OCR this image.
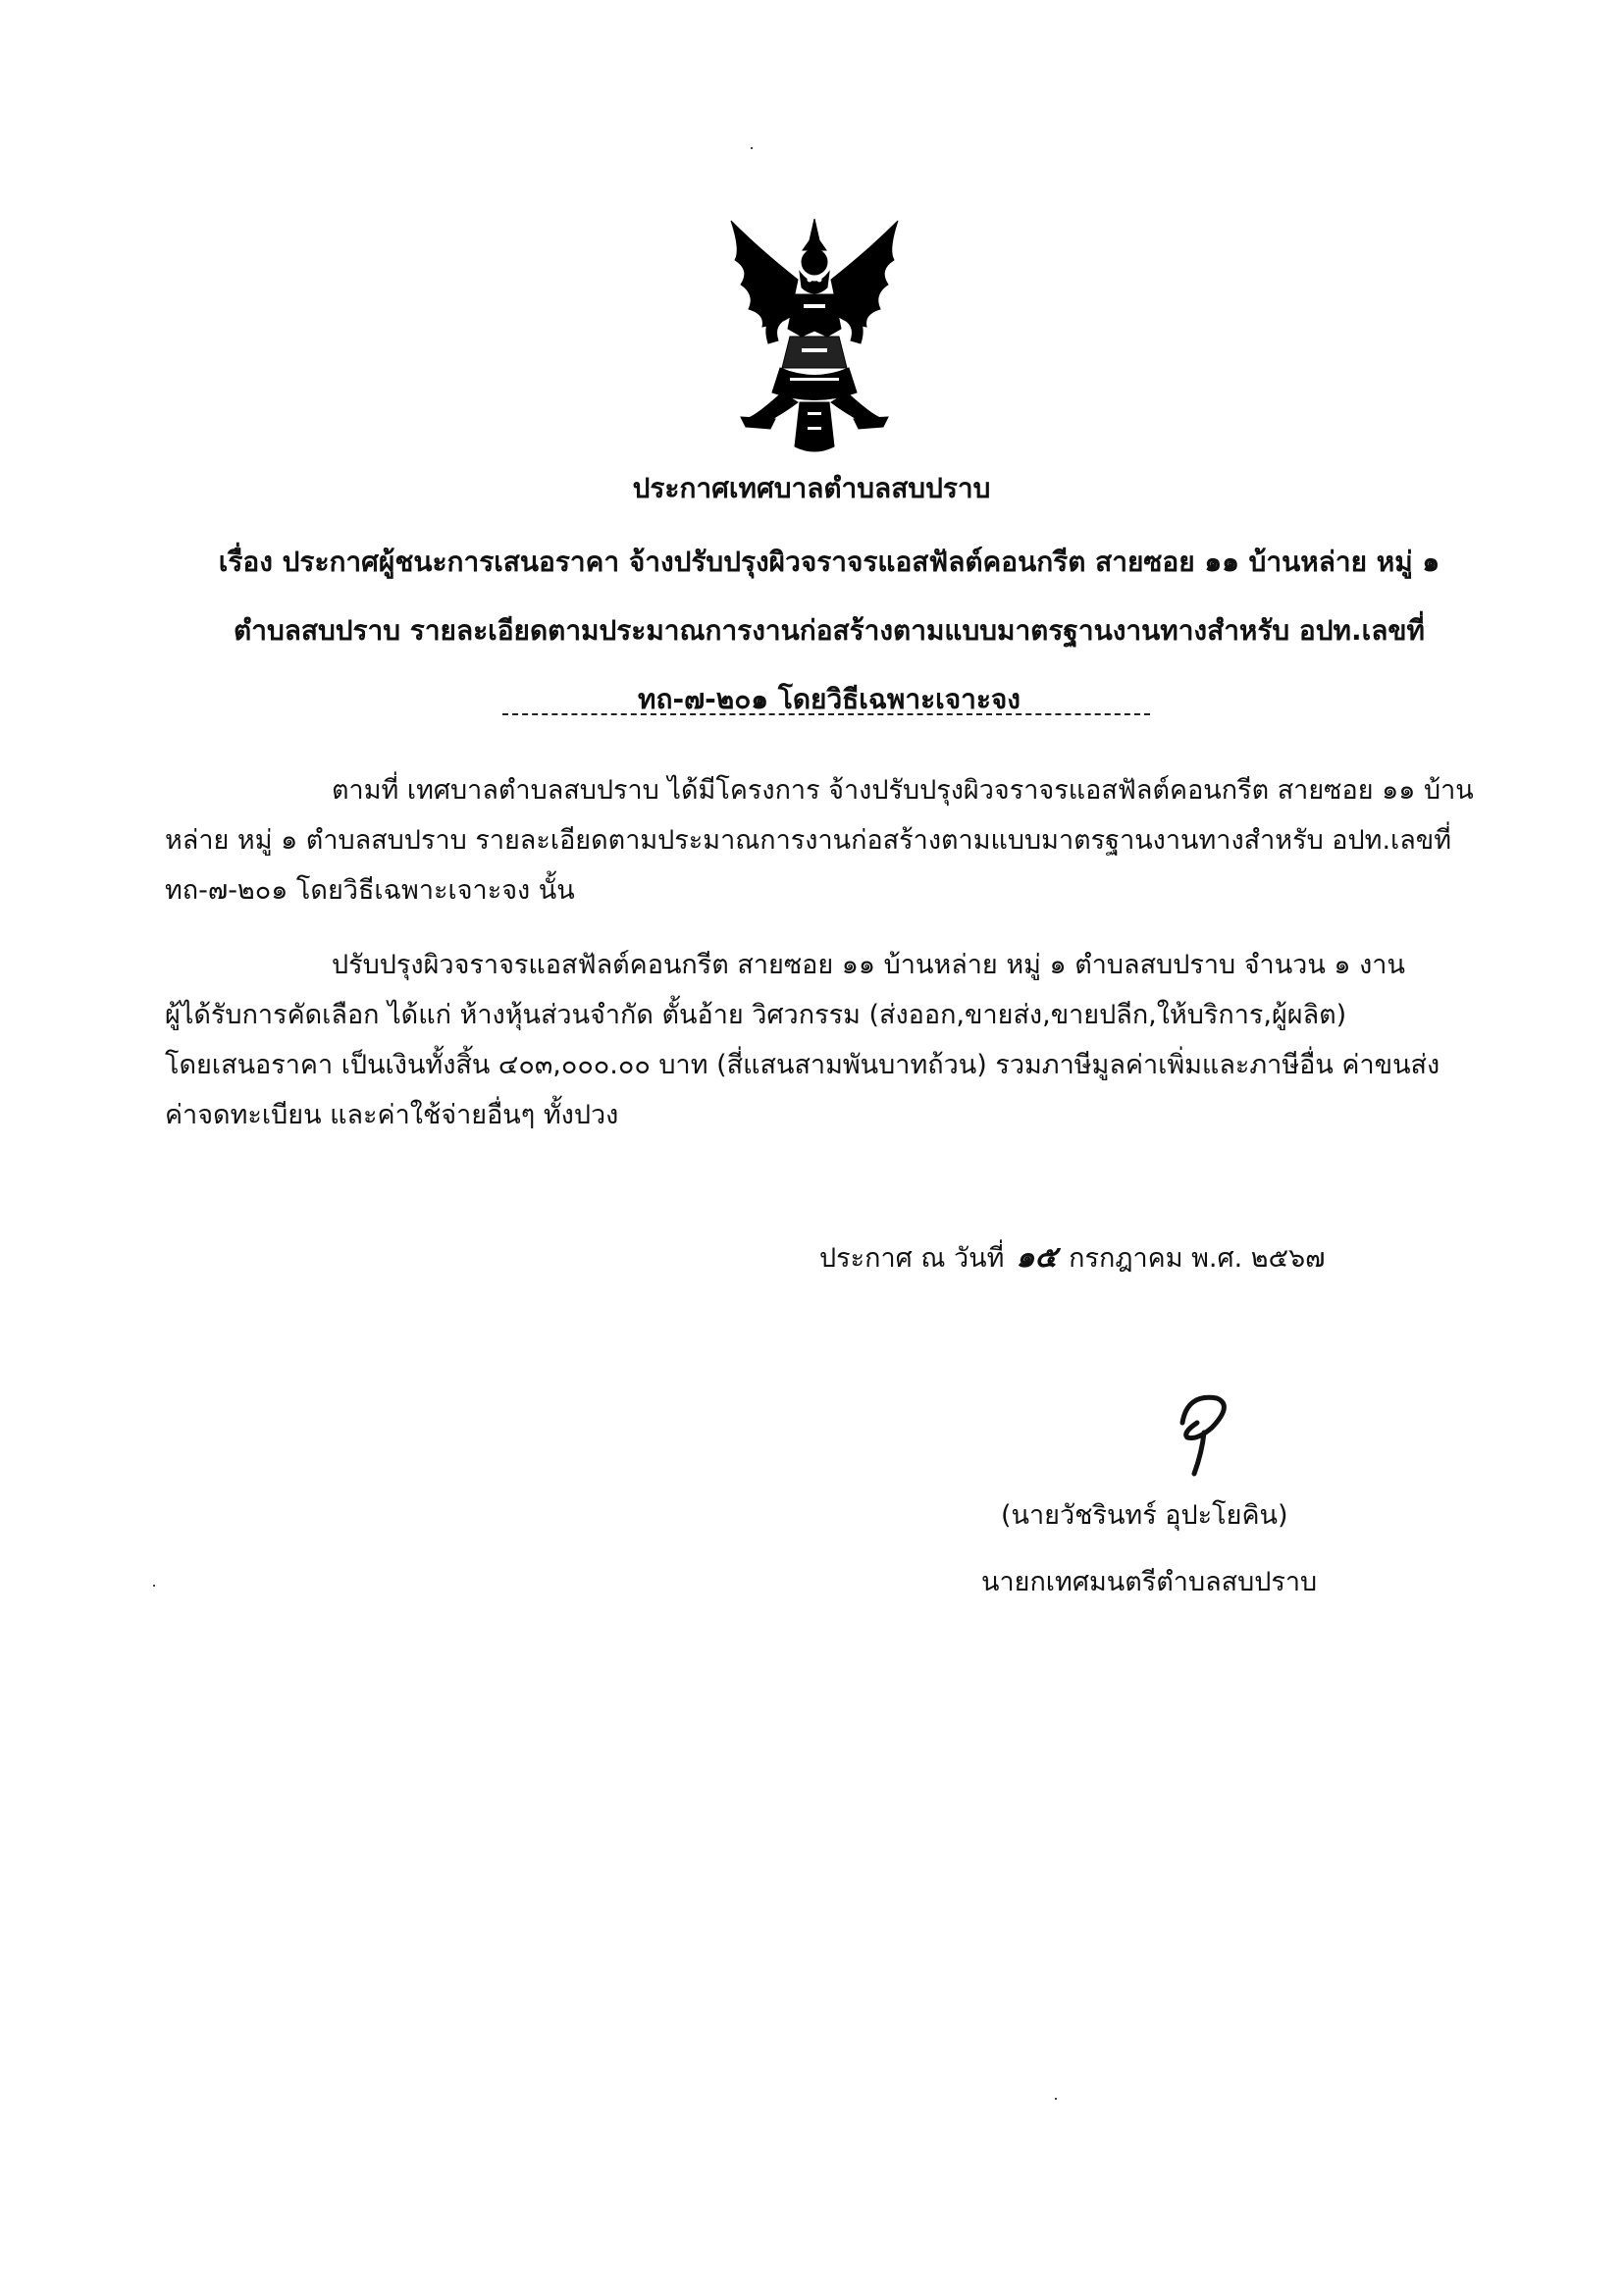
ประกาศเทศบาลตำบลสบปราบ
เรื่อง ประกาศผู้ชนะการเสนอราคา จ้างปรับปรุงผิวจราจรแอสฟัลต์คอนกรีต สายซอย ๑๑ บ้านหล่าย หมู่ ๑
ตำบลสบปราบ รายละเอียดตามประมาณการงานก่อสร้างตามแบบมาตรฐานงานทางสำหรับ อปท.เลขที่
ทถ-๗-๒๐๑ โดยวิธีเฉพาะเจาะจง
ตามที่ เทศบาลตำบลสบปราบ ได้มีโครงการ จ้างปรับปรุงผิวจราจรแอสฟัลต์คอนกรีต สายซอย ๑๑ บ้านหล่าย หมู่ ๑ ตำบลสบปราบ รายละเอียดตามประมาณการงานก่อสร้างตามแบบมาตรฐานงานทางสำหรับ อปท.เลขที่ ทถ-๗-๒๐๑ โดยวิธีเฉพาะเจาะจง นั้น
ปรับปรุงผิวจราจรแอสฟัลต์คอนกรีต สายซอย ๑๑ บ้านหล่าย หมู่ ๑ ตำบลสบปราบ จำนวน ๑ งาน
ผู้ได้รับการคัดเลือก ได้แก่ ห้างหุ้นส่วนจำกัด ตั้นอ้าย วิศวกรรม (ส่งออก,ขายส่ง,ขายปลีก,ให้บริการ,ผู้ผลิต)
โดยเสนอราคา เป็นเงินทั้งสิ้น ๔๐๓,๐๐๐.๐๐ บาท (สี่แสนสามพันบาทถ้วน) รวมภาษีมูลค่าเพิ่มและภาษีอื่น ค่าขนส่ง
ค่าจดทะเบียน และค่าใช้จ่ายอื่นๆ ทั้งปวง
ประกาศ ณ วันที่ ๑๕ กรกฎาคม พ.ศ. ๒๕๖๗
(นายวัชรินทร์ อุปะโยคิน)
นายกเทศมนตรีตำบลสบปราบ
